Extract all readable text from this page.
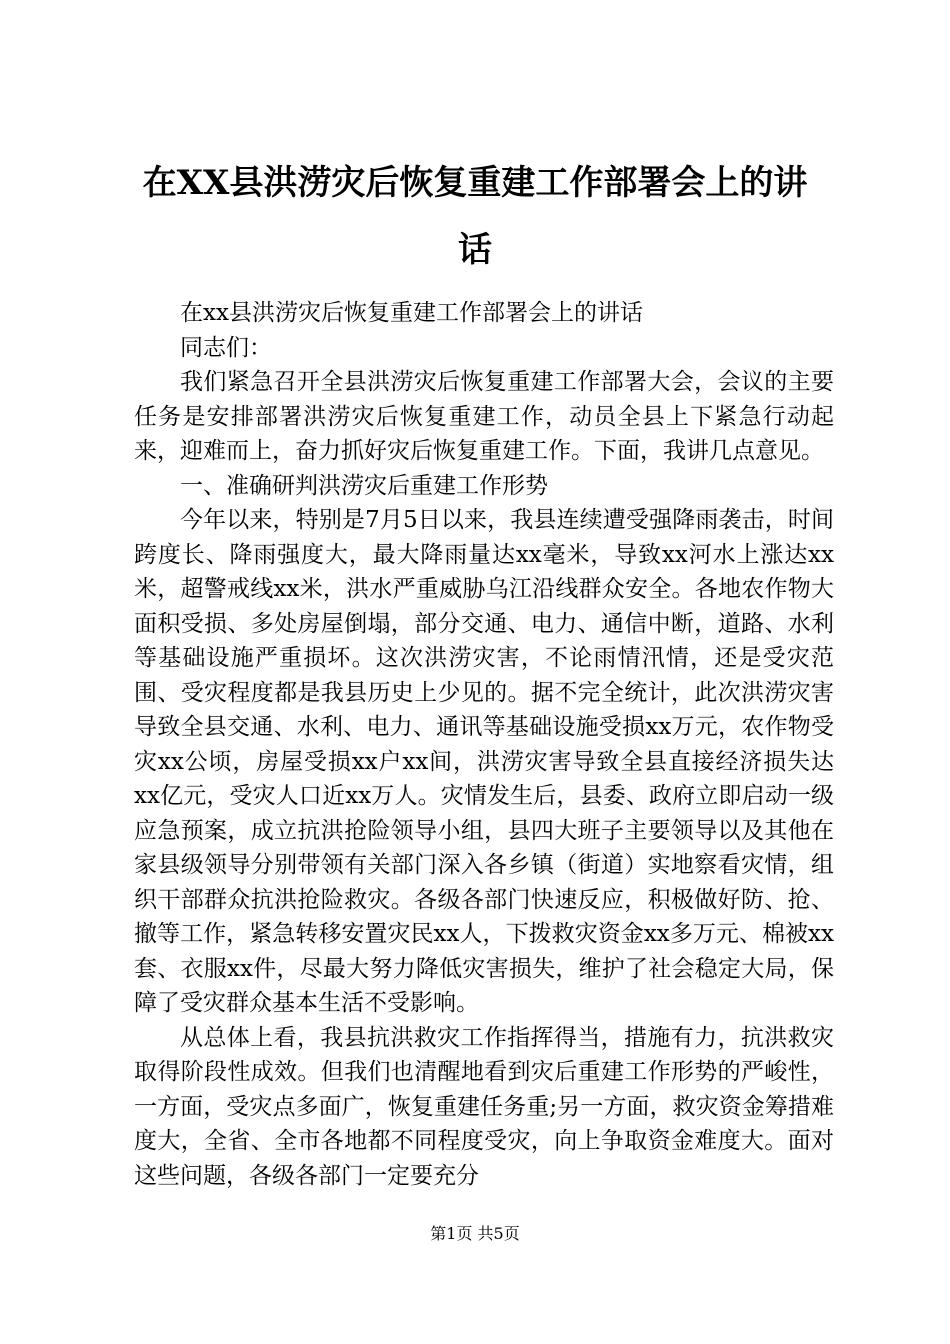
在XX县洪涝灾后恢复重建工作部署会上的讲
话

在xx县洪涝灾后恢复重建工作部署会上的讲话

同志们：

我们紧急召开全县洪涝灾后恢复重建工作部署大会，会议的主要任务是安排部署洪涝灾后恢复重建工作，动员全县上下紧急行动起来，迎难而上，奋力抓好灾后恢复重建工作。下面，我讲几点意见。

一、准确研判洪涝灾后重建工作形势

今年以来，特别是7月5日以来，我县连续遭受强降雨袭击，时间跨度长、降雨强度大，最大降雨量达xx毫米，导致xx河水上涨达xx米，超警戒线xx米，洪水严重威胁乌江沿线群众安全。各地农作物大面积受损、多处房屋倒塌，部分交通、电力、通信中断，道路、水利等基础设施严重损坏。这次洪涝灾害，不论雨情汛情，还是受灾范围、受灾程度都是我县历史上少见的。据不完全统计，此次洪涝灾害导致全县交通、水利、电力、通讯等基础设施受损xx万元，农作物受灾xx公顷，房屋受损xx户xx间，洪涝灾害导致全县直接经济损失达xx亿元，受灾人口近xx万人。灾情发生后，县委、政府立即启动一级应急预案，成立抗洪抢险领导小组，县四大班子主要领导以及其他在家县级领导分别带领有关部门深入各乡镇（街道）实地察看灾情，组织干部群众抗洪抢险救灾。各级各部门快速反应，积极做好防、抢、撤等工作，紧急转移安置灾民xx人，下拨救灾资金xx多万元、棉被xx套、衣服xx件，尽最大努力降低灾害损失，维护了社会稳定大局，保障了受灾群众基本生活不受影响。

从总体上看，我县抗洪救灾工作指挥得当，措施有力，抗洪救灾取得阶段性成效。但我们也清醒地看到灾后重建工作形势的严峻性，一方面，受灾点多面广，恢复重建任务重;另一方面，救灾资金筹措难度大，全省、全市各地都不同程度受灾，向上争取资金难度大。面对这些问题，各级各部门一定要充分

第1页 共5页
